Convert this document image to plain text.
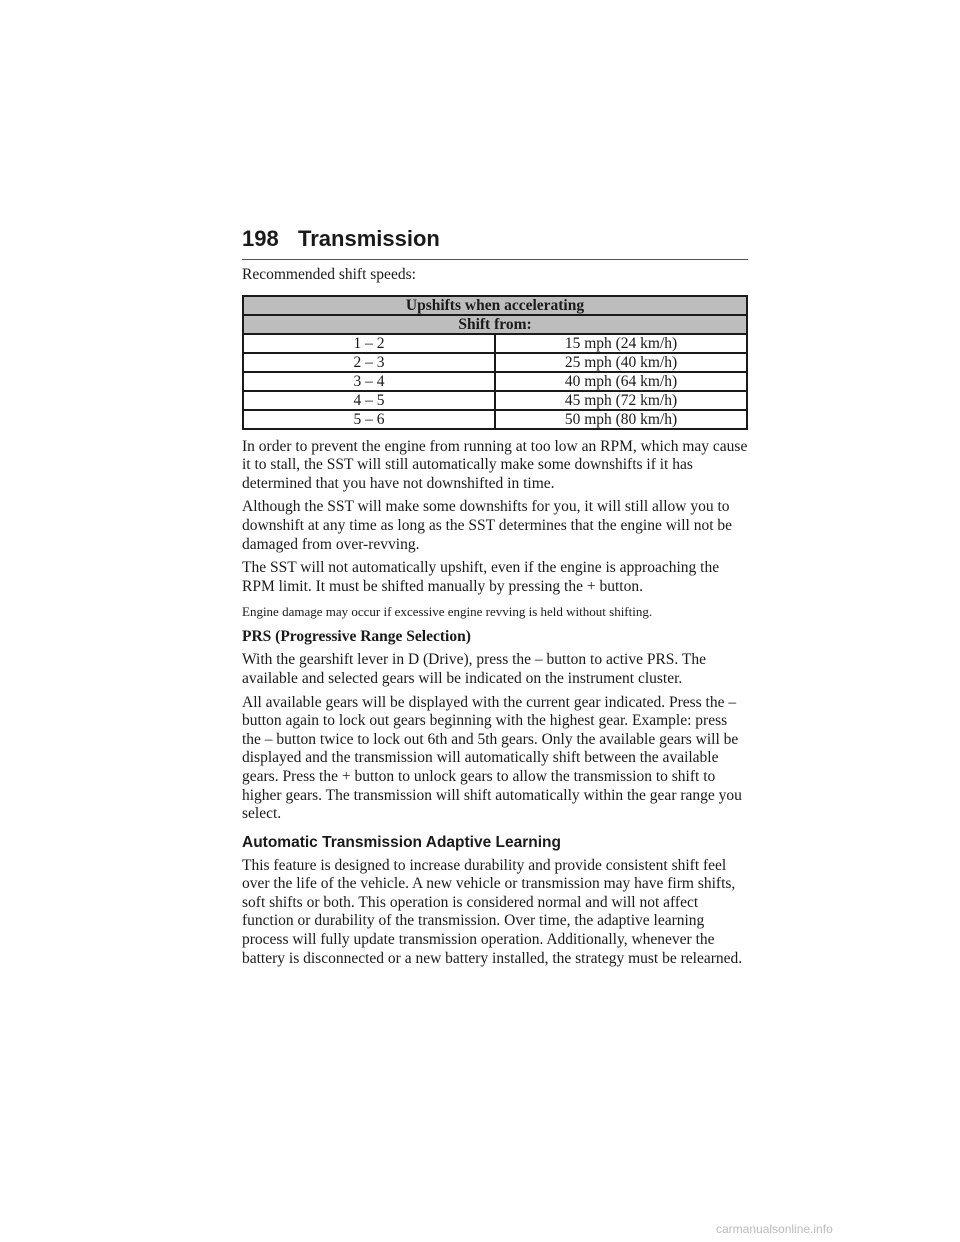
198 Transmission

Recommended shift speeds:

Upshifts when accelerating	
Shift from:	
1 – 2	15 mph (24 km/h)
2 – 3	25 mph (40 km/h)
3 – 4	40 mph (64 km/h)
4 – 5	45 mph (72 km/h)
5 – 6	50 mph (80 km/h)

In order to prevent the engine from running at too low an RPM, which may cause it to stall, the SST will still automatically make some downshifts if it has determined that you have not downshifted in time.

Although the SST will make some downshifts for you, it will still allow you to downshift at any time as long as the SST determines that the engine will not be damaged from over-revving.

The SST will not automatically upshift, even if the engine is approaching the RPM limit. It must be shifted manually by pressing the + button.

Engine damage may occur if excessive engine revving is held without shifting.

PRS (Progressive Range Selection)

With the gearshift lever in D (Drive), press the – button to active PRS. The available and selected gears will be indicated on the instrument cluster.

All available gears will be displayed with the current gear indicated. Press the – button again to lock out gears beginning with the highest gear. Example: press the – button twice to lock out 6th and 5th gears. Only the available gears will be displayed and the transmission will automatically shift between the available gears. Press the + button to unlock gears to allow the transmission to shift to higher gears. The transmission will shift automatically within the gear range you select.

Automatic Transmission Adaptive Learning

This feature is designed to increase durability and provide consistent shift feel over the life of the vehicle. A new vehicle or transmission may have firm shifts, soft shifts or both. This operation is considered normal and will not affect function or durability of the transmission. Over time, the adaptive learning process will fully update transmission operation. Additionally, whenever the battery is disconnected or a new battery installed, the strategy must be relearned.

carmanualsonline.info
